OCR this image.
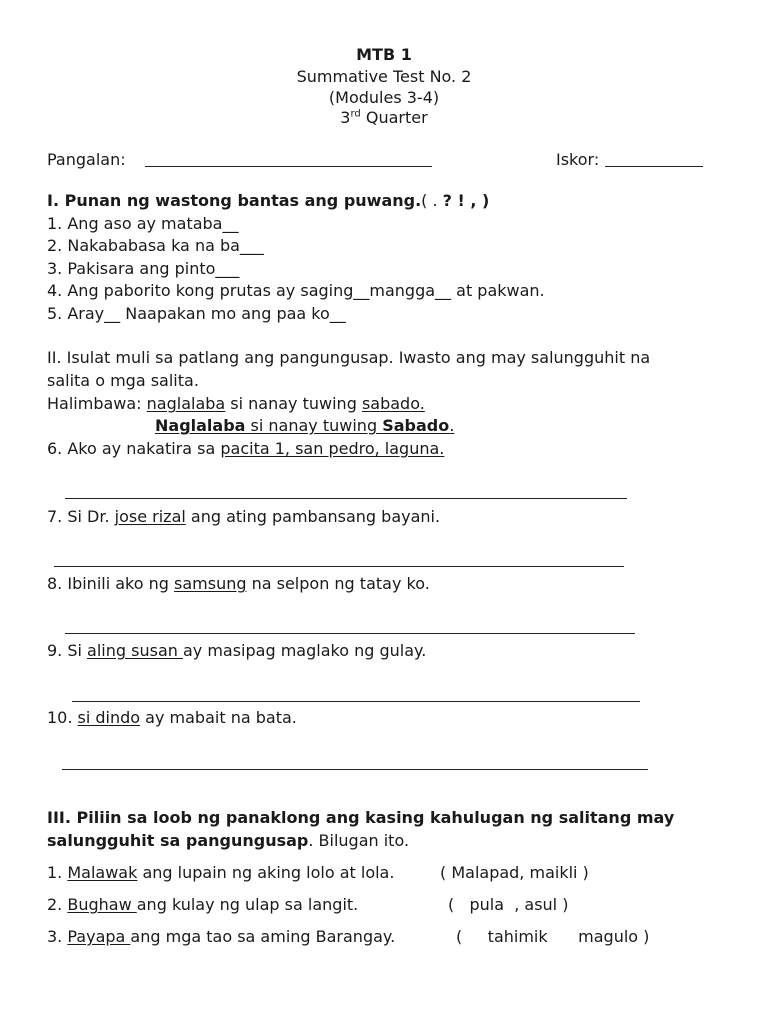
MTB 1
Summative Test No. 2
(Modules 3-4)
3rd Quarter
Pangalan:	Iskor:
I. Punan ng wastong bantas ang puwang.( . ? ! , )
1. Ang aso ay mataba__
2. Nakababasa ka na ba___
3. Pakisara ang pinto___
4. Ang paborito kong prutas ay saging__mangga__ at pakwan.
5. Aray__ Naapakan mo ang paa ko__
II. Isulat muli sa patlang ang pangungusap. Iwasto ang may salungguhit na
salita o mga salita.
Halimbawa: naglalaba si nanay tuwing sabado.
Naglalaba si nanay tuwing Sabado.
6. Ako ay nakatira sa pacita 1, san pedro, laguna.
7. Si Dr. jose rizal ang ating pambansang bayani.
8. Ibinili ako ng samsung na selpon ng tatay ko.
9. Si aling susan ay masipag maglako ng gulay.
10. si dindo ay mabait na bata.
III. Piliin sa loob ng panaklong ang kasing kahulugan ng salitang may
salungguhit sa pangungusap. Bilugan ito.
1. Malawak ang lupain ng aking lolo at lola.	( Malapad, maikli )
2. Bughaw ang kulay ng ulap sa langit.	(   pula  , asul )
3. Payapa ang mga tao sa aming Barangay.	(     tahimik      magulo )
